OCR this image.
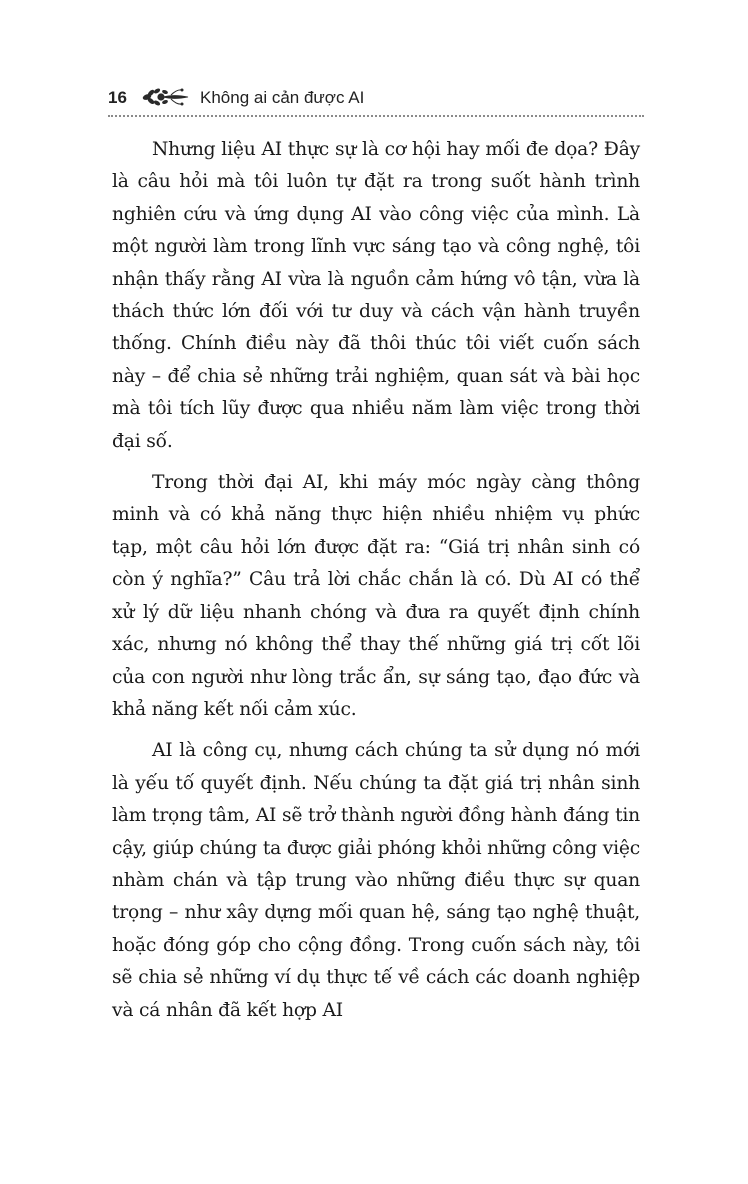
16	Không ai cản được AI

Nhưng liệu AI thực sự là cơ hội hay mối đe dọa? Đây là câu hỏi mà tôi luôn tự đặt ra trong suốt hành trình nghiên cứu và ứng dụng AI vào công việc của mình. Là một người làm trong lĩnh vực sáng tạo và công nghệ, tôi nhận thấy rằng AI vừa là nguồn cảm hứng vô tận, vừa là thách thức lớn đối với tư duy và cách vận hành truyền thống. Chính điều này đã thôi thúc tôi viết cuốn sách này – để chia sẻ những trải nghiệm, quan sát và bài học mà tôi tích lũy được qua nhiều năm làm việc trong thời đại số.

Trong thời đại AI, khi máy móc ngày càng thông minh và có khả năng thực hiện nhiều nhiệm vụ phức tạp, một câu hỏi lớn được đặt ra: “Giá trị nhân sinh có còn ý nghĩa?” Câu trả lời chắc chắn là có. Dù AI có thể xử lý dữ liệu nhanh chóng và đưa ra quyết định chính xác, nhưng nó không thể thay thế những giá trị cốt lõi của con người như lòng trắc ẩn, sự sáng tạo, đạo đức và khả năng kết nối cảm xúc.

AI là công cụ, nhưng cách chúng ta sử dụng nó mới là yếu tố quyết định. Nếu chúng ta đặt giá trị nhân sinh làm trọng tâm, AI sẽ trở thành người đồng hành đáng tin cậy, giúp chúng ta được giải phóng khỏi những công việc nhàm chán và tập trung vào những điều thực sự quan trọng – như xây dựng mối quan hệ, sáng tạo nghệ thuật, hoặc đóng góp cho cộng đồng. Trong cuốn sách này, tôi sẽ chia sẻ những ví dụ thực tế về cách các doanh nghiệp và cá nhân đã kết hợp AI
